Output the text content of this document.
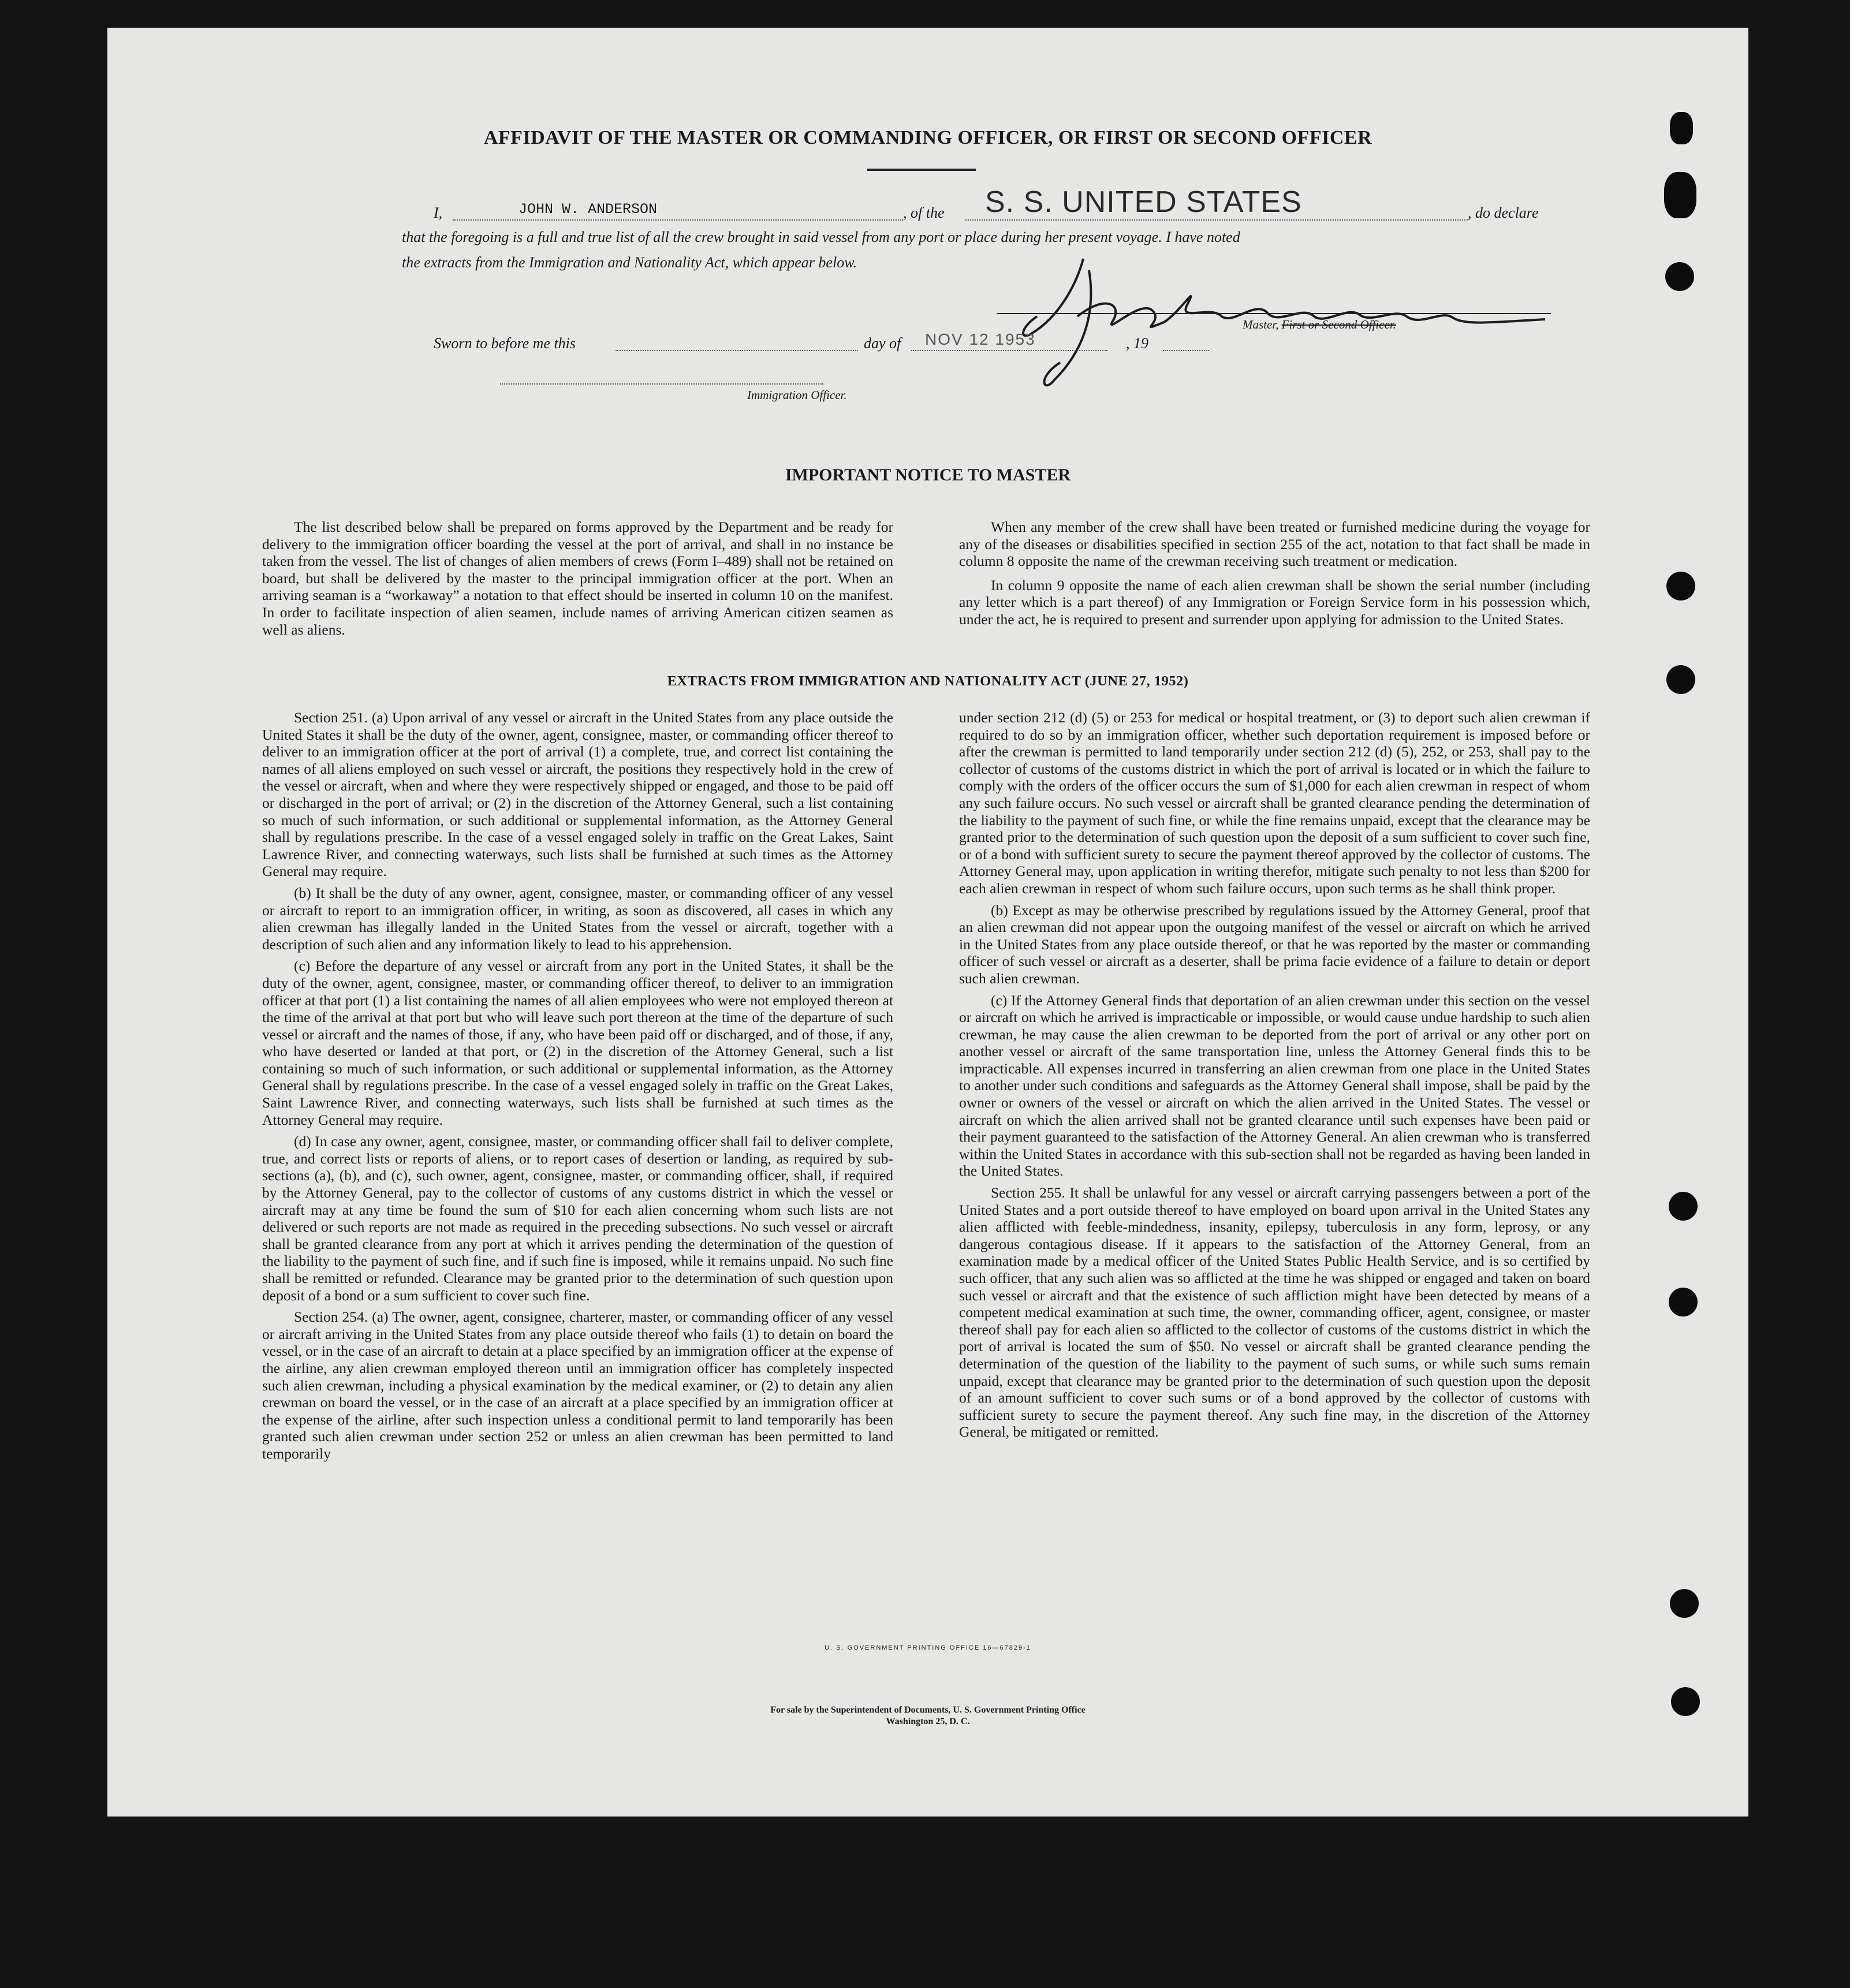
AFFIDAVIT OF THE MASTER OR COMMANDING OFFICER, OR FIRST OR SECOND OFFICER
I,	JOHN W. ANDERSON	, of the S. S. UNITED STATES	, do declare
that the foregoing is a full and true list of all the crew brought in said vessel from any port or place during her present voyage. I have noted
the extracts from the Immigration and Nationality Act, which appear below.
Master, First or Second Officer.
Sworn to before me this	day of NOV 12 1953	, 19
Immigration Officer.
IMPORTANT NOTICE TO MASTER

The list described below shall be prepared on forms approved by the Department and be ready for delivery to the immigration officer boarding the vessel at the port of arrival, and shall in no instance be taken from the vessel. The list of changes of alien members of crews (Form I–489) shall not be retained on board, but shall be delivered by the master to the principal immigration officer at the port. When an arriving seaman is a “workaway” a notation to that effect should be inserted in column 10 on the manifest. In order to facilitate inspection of alien seamen, include names of arriving American citizen seamen as well as aliens.

When any member of the crew shall have been treated or furnished medicine during the voyage for any of the diseases or disabilities specified in section 255 of the act, notation to that fact shall be made in column 8 opposite the name of the crewman receiving such treatment or medication.

In column 9 opposite the name of each alien crewman shall be shown the serial number (including any letter which is a part thereof) of any Immigration or Foreign Service form in his possession which, under the act, he is required to present and surrender upon applying for admission to the United States.

EXTRACTS FROM IMMIGRATION AND NATIONALITY ACT (JUNE 27, 1952)

Section 251. (a) Upon arrival of any vessel or aircraft in the United States from any place outside the United States it shall be the duty of the owner, agent, consignee, master, or commanding officer thereof to deliver to an immigration officer at the port of arrival (1) a complete, true, and correct list containing the names of all aliens employed on such vessel or aircraft, the positions they respectively hold in the crew of the vessel or aircraft, when and where they were respectively shipped or engaged, and those to be paid off or discharged in the port of arrival; or (2) in the discretion of the Attorney General, such a list containing so much of such information, or such additional or supplemental information, as the Attorney General shall by regulations prescribe. In the case of a vessel engaged solely in traffic on the Great Lakes, Saint Lawrence River, and connecting waterways, such lists shall be furnished at such times as the Attorney General may require.

(b) It shall be the duty of any owner, agent, consignee, master, or commanding officer of any vessel or aircraft to report to an immigration officer, in writing, as soon as discovered, all cases in which any alien crewman has illegally landed in the United States from the vessel or aircraft, together with a description of such alien and any information likely to lead to his apprehension.

(c) Before the departure of any vessel or aircraft from any port in the United States, it shall be the duty of the owner, agent, consignee, master, or commanding officer thereof, to deliver to an immigration officer at that port (1) a list containing the names of all alien employees who were not employed thereon at the time of the arrival at that port but who will leave such port thereon at the time of the departure of such vessel or aircraft and the names of those, if any, who have been paid off or discharged, and of those, if any, who have deserted or landed at that port, or (2) in the discretion of the Attorney General, such a list containing so much of such information, or such additional or supplemental information, as the Attorney General shall by regulations prescribe. In the case of a vessel engaged solely in traffic on the Great Lakes, Saint Lawrence River, and connecting waterways, such lists shall be furnished at such times as the Attorney General may require.

(d) In case any owner, agent, consignee, master, or commanding officer shall fail to deliver complete, true, and correct lists or reports of aliens, or to report cases of desertion or landing, as required by sub-sections (a), (b), and (c), such owner, agent, consignee, master, or commanding officer, shall, if required by the Attorney General, pay to the collector of customs of any customs district in which the vessel or aircraft may at any time be found the sum of $10 for each alien concerning whom such lists are not delivered or such reports are not made as required in the preceding subsections. No such vessel or aircraft shall be granted clearance from any port at which it arrives pending the determination of the question of the liability to the payment of such fine, and if such fine is imposed, while it remains unpaid. No such fine shall be remitted or refunded. Clearance may be granted prior to the determination of such question upon deposit of a bond or a sum sufficient to cover such fine.

Section 254. (a) The owner, agent, consignee, charterer, master, or commanding officer of any vessel or aircraft arriving in the United States from any place outside thereof who fails (1) to detain on board the vessel, or in the case of an aircraft to detain at a place specified by an immigration officer at the expense of the airline, any alien crewman employed thereon until an immigration officer has completely inspected such alien crewman, including a physical examination by the medical examiner, or (2) to detain any alien crewman on board the vessel, or in the case of an aircraft at a place specified by an immigration officer at the expense of the airline, after such inspection unless a conditional permit to land temporarily has been granted such alien crewman under section 252 or unless an alien crewman has been permitted to land temporarily

under section 212 (d) (5) or 253 for medical or hospital treatment, or (3) to deport such alien crewman if required to do so by an immigration officer, whether such deportation requirement is imposed before or after the crewman is permitted to land temporarily under section 212 (d) (5), 252, or 253, shall pay to the collector of customs of the customs district in which the port of arrival is located or in which the failure to comply with the orders of the officer occurs the sum of $1,000 for each alien crewman in respect of whom any such failure occurs. No such vessel or aircraft shall be granted clearance pending the determination of the liability to the payment of such fine, or while the fine remains unpaid, except that the clearance may be granted prior to the determination of such question upon the deposit of a sum sufficient to cover such fine, or of a bond with sufficient surety to secure the payment thereof approved by the collector of customs. The Attorney General may, upon application in writing therefor, mitigate such penalty to not less than $200 for each alien crewman in respect of whom such failure occurs, upon such terms as he shall think proper.

(b) Except as may be otherwise prescribed by regulations issued by the Attorney General, proof that an alien crewman did not appear upon the outgoing manifest of the vessel or aircraft on which he arrived in the United States from any place outside thereof, or that he was reported by the master or commanding officer of such vessel or aircraft as a deserter, shall be prima facie evidence of a failure to detain or deport such alien crewman.

(c) If the Attorney General finds that deportation of an alien crewman under this section on the vessel or aircraft on which he arrived is impracticable or impossible, or would cause undue hardship to such alien crewman, he may cause the alien crewman to be deported from the port of arrival or any other port on another vessel or aircraft of the same transportation line, unless the Attorney General finds this to be impracticable. All expenses incurred in transferring an alien crewman from one place in the United States to another under such conditions and safeguards as the Attorney General shall impose, shall be paid by the owner or owners of the vessel or aircraft on which the alien arrived in the United States. The vessel or aircraft on which the alien arrived shall not be granted clearance until such expenses have been paid or their payment guaranteed to the satisfaction of the Attorney General. An alien crewman who is transferred within the United States in accordance with this sub-section shall not be regarded as having been landed in the United States.

Section 255. It shall be unlawful for any vessel or aircraft carrying passengers between a port of the United States and a port outside thereof to have employed on board upon arrival in the United States any alien afflicted with feeble-mindedness, insanity, epilepsy, tuberculosis in any form, leprosy, or any dangerous contagious disease. If it appears to the satisfaction of the Attorney General, from an examination made by a medical officer of the United States Public Health Service, and is so certified by such officer, that any such alien was so afflicted at the time he was shipped or engaged and taken on board such vessel or aircraft and that the existence of such affliction might have been detected by means of a competent medical examination at such time, the owner, commanding officer, agent, consignee, or master thereof shall pay for each alien so afflicted to the collector of customs of the customs district in which the port of arrival is located the sum of $50. No vessel or aircraft shall be granted clearance pending the determination of the question of the liability to the payment of such sums, or while such sums remain unpaid, except that clearance may be granted prior to the determination of such question upon the deposit of an amount sufficient to cover such sums or of a bond approved by the collector of customs with sufficient surety to secure the payment thereof. Any such fine may, in the discretion of the Attorney General, be mitigated or remitted.

U. S. GOVERNMENT PRINTING OFFICE 16—67829-1
For sale by the Superintendent of Documents, U. S. Government Printing Office
Washington 25, D. C.
